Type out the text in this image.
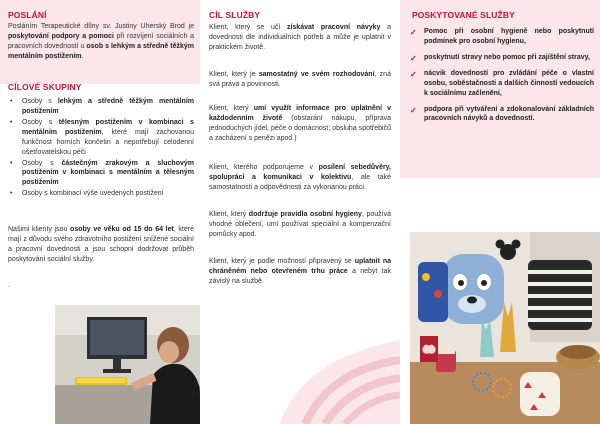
POSLÁNÍ

Posláním Terapeutické dílny sv. Justiny Uherský Brod je poskytování podpory a pomoci při rozvíjení sociálních a pracovních dovedností u osob s lehkým a středně těžkým mentálním postižením.

CÍLOVÉ SKUPINY
• Osoby s lehkým a středně těžkým mentálním postižením
• Osoby s tělesným postižením v kombinaci s mentálním postižením, které mají zachovanou funkčnost horních končetin a nepotřebují celodenní ošetřovatelskou péči
• Osoby s částečným zrakovým a sluchovým postižením v kombinaci s mentálním a tělesným postižením
• Osoby s kombinací výše uvedených postižení

Našimi klienty jsou osoby ve věku od 15 do 64 let, které mají z důvodu svého zdravotního postižení snížené sociální a pracovní dovednosti a jsou schopni dodržovat průběh poskytování sociální služby.

.
CÍL SLUŽBY

Klient, který se učí získávat pracovní návyky a dovednosti dle individuálních potřeb a může je uplatnit v praktickém životě.

Klient, který je samostatný ve svém rozhodování, zná svá práva a povinnosti.

Klient, který umí využít informace pro uplatnění v každodenním životě (obstarání nákupu, příprava jednoduchých jídel, péče o domácnost, obsluha spotřebičů a zacházení s penězi apod.)

Klient, kterého podporujeme v posílení sebedůvěry, spolupráci a komunikaci v kolektivu, ale také samostatnosti a odpovědnosti za vykonanou práci.

Klient, který dodržuje pravidla osobní hygieny, používá vhodné oblečení, umí používat speciální a kompenzační pomůcky apod.

Klient, který je podle možností připravený se uplatnit na chráněném nebo otevřeném trhu práce a nebýt tak závislý na službě.

POSKYTOVANÉ SLUŽBY
✓ Pomoc při osobní hygieně nebo poskytnutí podmínek pro osobní hygienu,
✓ poskytnutí stravy nebo pomoc při zajištění stravy,
✓ nácvik dovedností pro zvládání péče o vlastní osobu, soběstačnosti a dalších činností vedoucích k sociálnímu začlenění,
✓ podpora při vytváření a zdokonalování základních pracovních návyků a dovedností.
